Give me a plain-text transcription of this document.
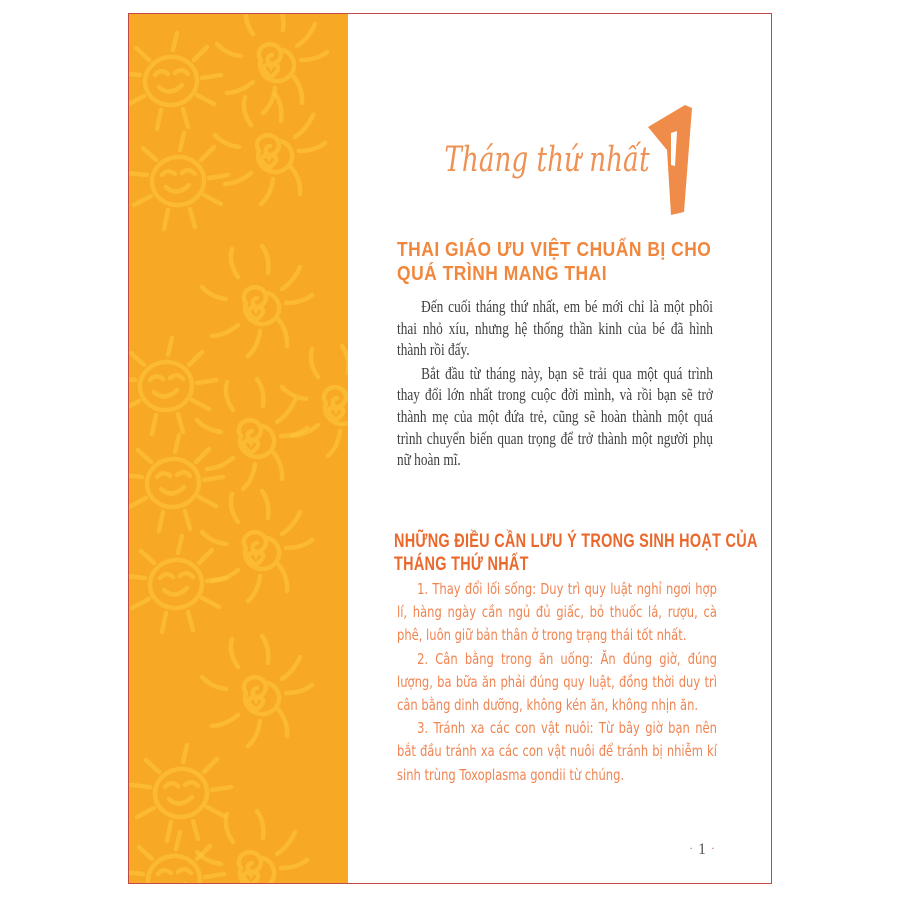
Tháng thứ nhất
THAI GIÁO ƯU VIỆT CHUẨN BỊ CHO
QUÁ TRÌNH MANG THAI

Đến cuối tháng thứ nhất, em bé mới chỉ là một phôi thai nhỏ xíu, nhưng hệ thống thần kinh của bé đã hình thành rồi đấy.

Bắt đầu từ tháng này, bạn sẽ trải qua một quá trình thay đổi lớn nhất trong cuộc đời mình, và rồi bạn sẽ trở thành mẹ của một đứa trẻ, cũng sẽ hoàn thành một quá trình chuyển biến quan trọng để trở thành một người phụ nữ hoàn mĩ.

NHỮNG ĐIỀU CẦN LƯU Ý TRONG SINH HOẠT CỦA
THÁNG THỨ NHẤT

1. Thay đổi lối sống: Duy trì quy luật nghỉ ngơi hợp lí, hàng ngày cần ngủ đủ giấc, bỏ thuốc lá, rượu, cà phê, luôn giữ bản thân ở trong trạng thái tốt nhất.

2. Cân bằng trong ăn uống: Ăn đúng giờ, đúng lượng, ba bữa ăn phải đúng quy luật, đồng thời duy trì cân bằng dinh dưỡng, không kén ăn, không nhịn ăn.

3. Tránh xa các con vật nuôi: Từ bây giờ bạn nên bắt đầu tránh xa các con vật nuôi để tránh bị nhiễm kí sinh trùng Toxoplasma gondii từ chúng.

· 1 ·
